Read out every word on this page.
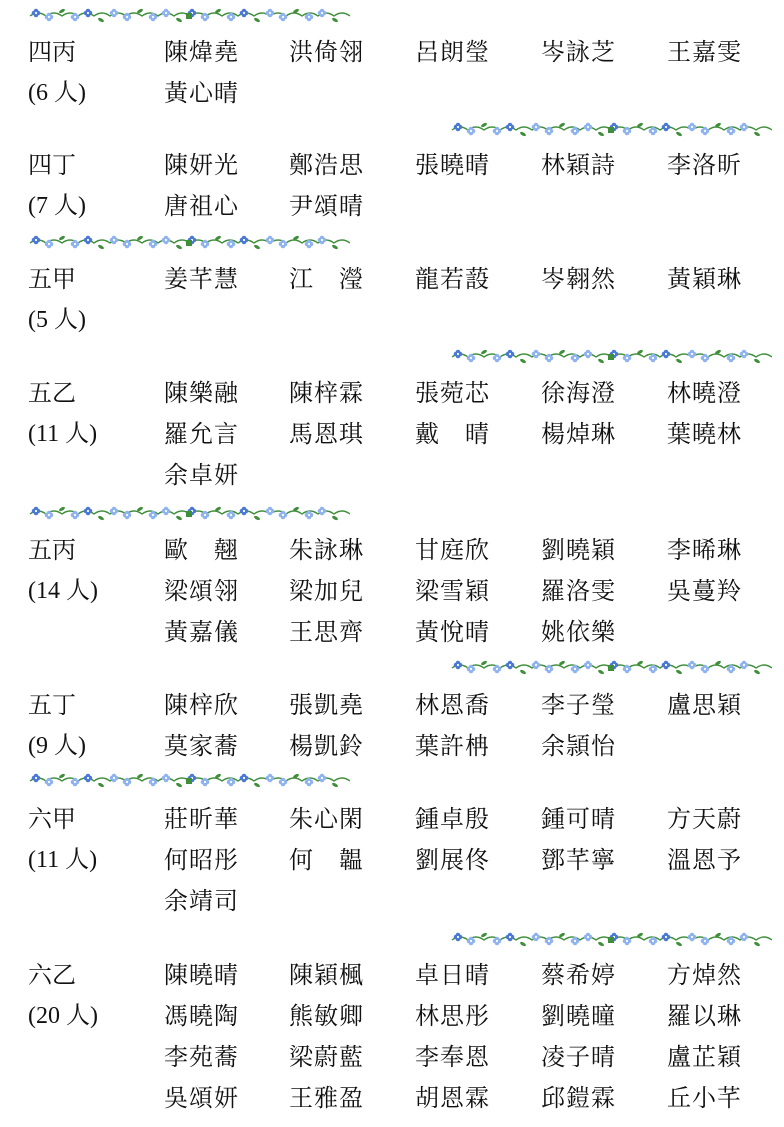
四丙
(6 人)
陳煒堯 洪倚翎 呂朗瑩 岑詠芝 王嘉雯
黃心晴
四丁
(7 人)
陳妍光 鄭浩思 張曉晴 林穎詩 李洛昕
唐祖心 尹頌晴
五甲
(5 人)
姜芊慧 江　瀅 龍若蔎 岑翱然 黃穎琳
五乙
(11 人)
陳樂融 陳梓霖 張菀芯 徐海澄 林曉澄
羅允言 馬恩琪 戴　晴 楊焯琳 葉曉林
余卓妍
五丙
(14 人)
歐　翹 朱詠琳 甘庭欣 劉曉穎 李晞琳
梁頌翎 梁加兒 梁雪穎 羅洛雯 吳蔓羚
黃嘉儀 王思齊 黃悅晴 姚依樂
五丁
(9 人)
陳梓欣 張凱堯 林恩喬 李子瑩 盧思穎
莫家蕎 楊凱鈴 葉許柟 余頴怡
六甲
(11 人)
莊昕華 朱心閑 鍾卓殷 鍾可晴 方天蔚
何昭彤 何　韞 劉展佟 鄧芊寧 溫恩予
余靖司
六乙
(20 人)
陳曉晴 陳穎楓 卓日晴 蔡希婷 方焯然
馮曉陶 熊敏卿 林思彤 劉曉曈 羅以琳
李苑蕎 梁蔚藍 李奉恩 凌子晴 盧芷穎
吳頌妍 王雅盈 胡恩霖 邱鎧霖 丘小芊
